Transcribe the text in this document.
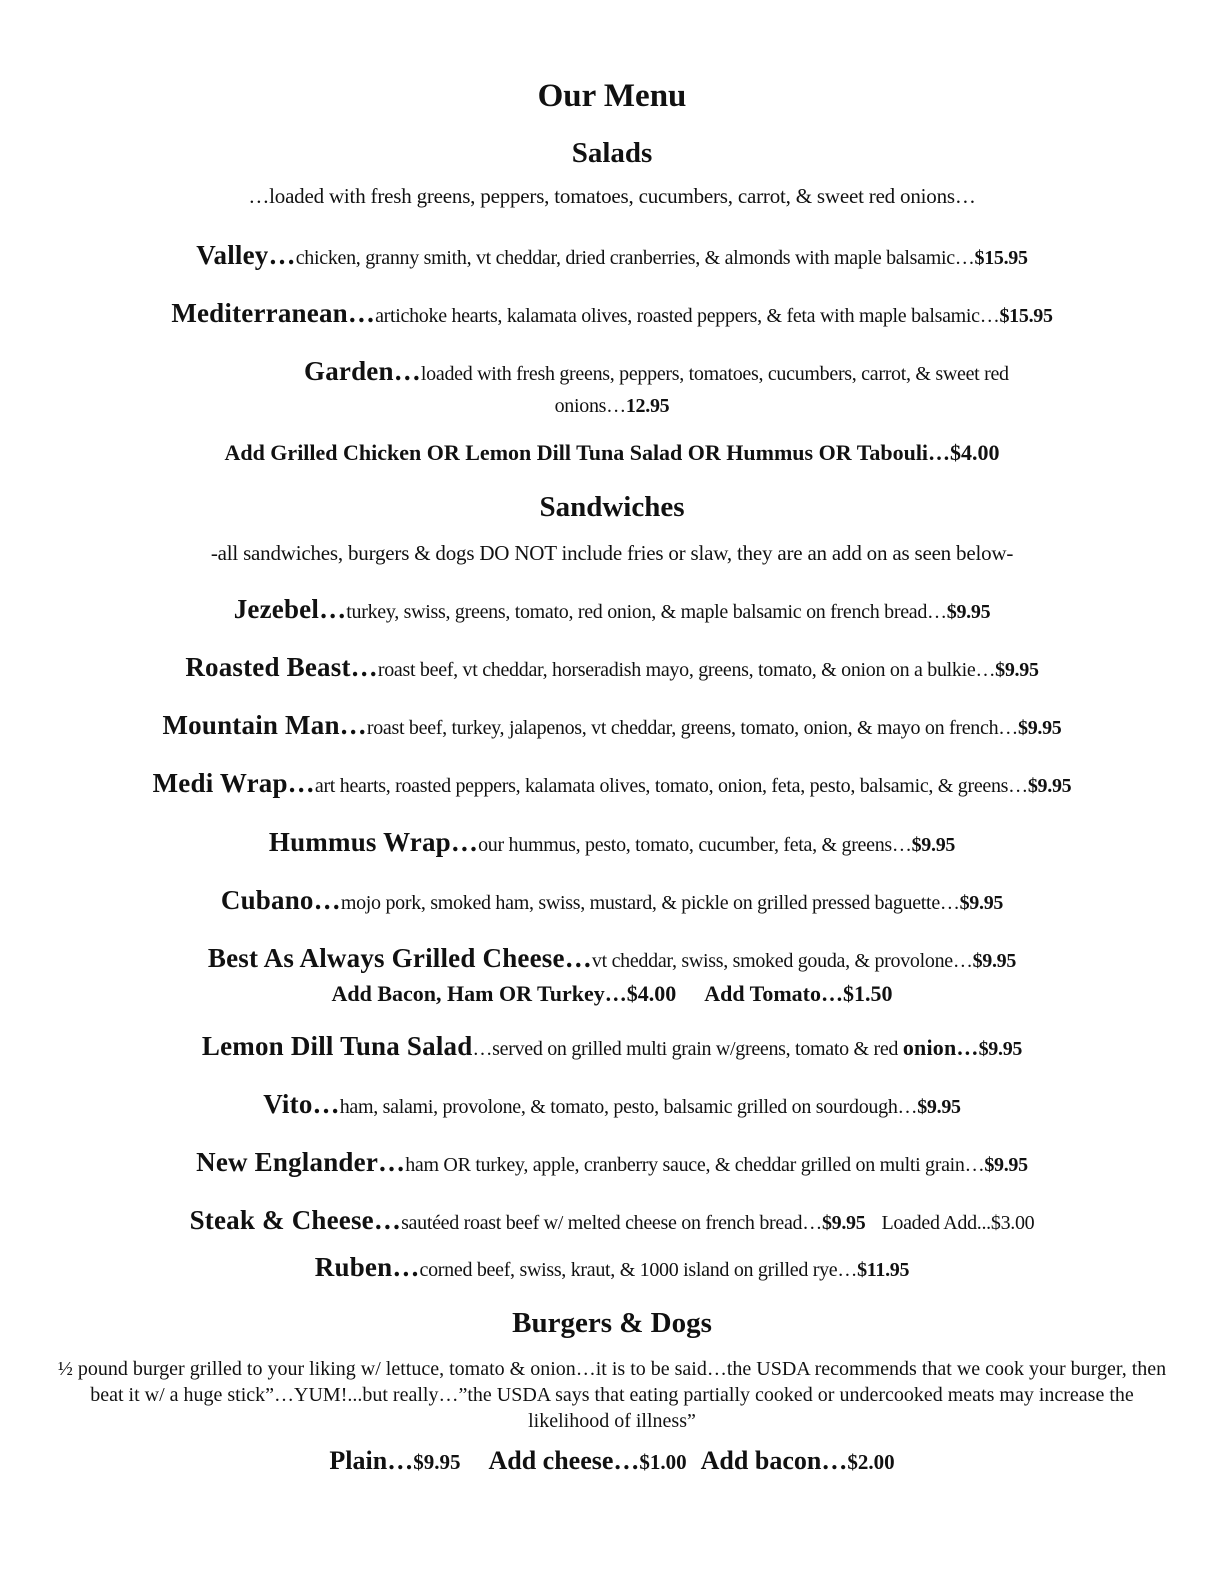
Our Menu
Salads
…loaded with fresh greens, peppers, tomatoes, cucumbers, carrot, & sweet red onions…
Valley…chicken, granny smith, vt cheddar, dried cranberries, & almonds with maple balsamic…$15.95
Mediterranean…artichoke hearts, kalamata olives, roasted peppers, & feta with maple balsamic…$15.95
Garden…loaded with fresh greens, peppers, tomatoes, cucumbers, carrot, & sweet red
onions…12.95
Add Grilled Chicken OR Lemon Dill Tuna Salad OR Hummus OR Tabouli…$4.00
Sandwiches
-all sandwiches, burgers & dogs DO NOT include fries or slaw, they are an add on as seen below-
Jezebel…turkey, swiss, greens, tomato, red onion, & maple balsamic on french bread…$9.95
Roasted Beast…roast beef, vt cheddar, horseradish mayo, greens, tomato, & onion on a bulkie…$9.95
Mountain Man…roast beef, turkey, jalapenos, vt cheddar, greens, tomato, onion, & mayo on french…$9.95
Medi Wrap…art hearts, roasted peppers, kalamata olives, tomato, onion, feta, pesto, balsamic, & greens…$9.95
Hummus Wrap…our hummus, pesto, tomato, cucumber, feta, & greens…$9.95
Cubano…mojo pork, smoked ham, swiss, mustard, & pickle on grilled pressed baguette…$9.95
Best As Always Grilled Cheese…vt cheddar, swiss, smoked gouda, & provolone…$9.95
Add Bacon, Ham OR Turkey…$4.00 Add Tomato…$1.50
Lemon Dill Tuna Salad…served on grilled multi grain w/greens, tomato & red onion…$9.95
Vito…ham, salami, provolone, & tomato, pesto, balsamic grilled on sourdough…$9.95
New Englander…ham OR turkey, apple, cranberry sauce, & cheddar grilled on multi grain…$9.95
Steak & Cheese…sautéed roast beef w/ melted cheese on french bread…$9.95 Loaded Add...$3.00
Ruben…corned beef, swiss, kraut, & 1000 island on grilled rye…$11.95
Burgers & Dogs
½ pound burger grilled to your liking w/ lettuce, tomato & onion…it is to be said…the USDA recommends that we cook your burger, then beat it w/ a huge stick”…YUM!...but really…”the USDA says that eating partially cooked or undercooked meats may increase the likelihood of illness”
Plain…$9.95 Add cheese…$1.00 Add bacon…$2.00
